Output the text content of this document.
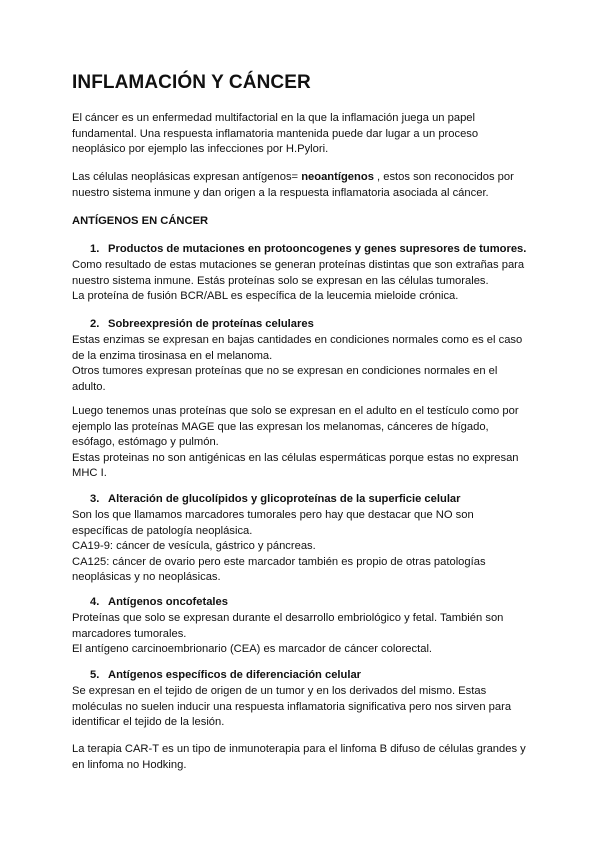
INFLAMACIÓN Y CÁNCER

El cáncer es un enfermedad multifactorial en la que la inflamación juega un papel fundamental. Una respuesta inflamatoria mantenida puede dar lugar a un proceso neoplásico por ejemplo las infecciones por H.Pylori.

Las células neoplásicas expresan antígenos= neoantígenos , estos son reconocidos por nuestro sistema inmune y dan origen a la respuesta inflamatoria asociada al cáncer.

ANTÍGENOS EN CÁNCER
1. Productos de mutaciones en protooncogenes y genes supresores de tumores.

Como resultado de estas mutaciones se generan proteínas distintas que son extrañas para nuestro sistema inmune. Estás proteínas solo se expresan en las células tumorales.
La proteína de fusión BCR/ABL es específica de la leucemia mieloide crónica.

2. Sobreexpresión de proteínas celulares

Estas enzimas se expresan en bajas cantidades en condiciones normales como es el caso de la enzima tirosinasa en el melanoma.
Otros tumores expresan proteínas que no se expresan en condiciones normales en el adulto.

Luego tenemos unas proteínas que solo se expresan en el adulto en el testículo como por ejemplo las proteínas MAGE que las expresan los melanomas, cánceres de hígado, esófago, estómago y pulmón.
Estas proteinas no son antigénicas en las células espermáticas porque estas no expresan MHC I.

3. Alteración de glucolípidos y glicoproteínas de la superficie celular

Son los que llamamos marcadores tumorales pero hay que destacar que NO son específicas de patología neoplásica.
CA19-9: cáncer de vesícula, gástrico y páncreas.
CA125: cáncer de ovario pero este marcador también es propio de otras patologías neoplásicas y no neoplásicas.

4. Antígenos oncofetales

Proteínas que solo se expresan durante el desarrollo embriológico y fetal. También son marcadores tumorales.
El antígeno carcinoembrionario (CEA) es marcador de cáncer colorectal.

5. Antígenos específicos de diferenciación celular

Se expresan en el tejido de origen de un tumor y en los derivados del mismo. Estas moléculas no suelen inducir una respuesta inflamatoria significativa pero nos sirven para identificar el tejido de la lesión.

La terapia CAR-T es un tipo de inmunoterapia para el linfoma B difuso de células grandes y en linfoma no Hodking.
